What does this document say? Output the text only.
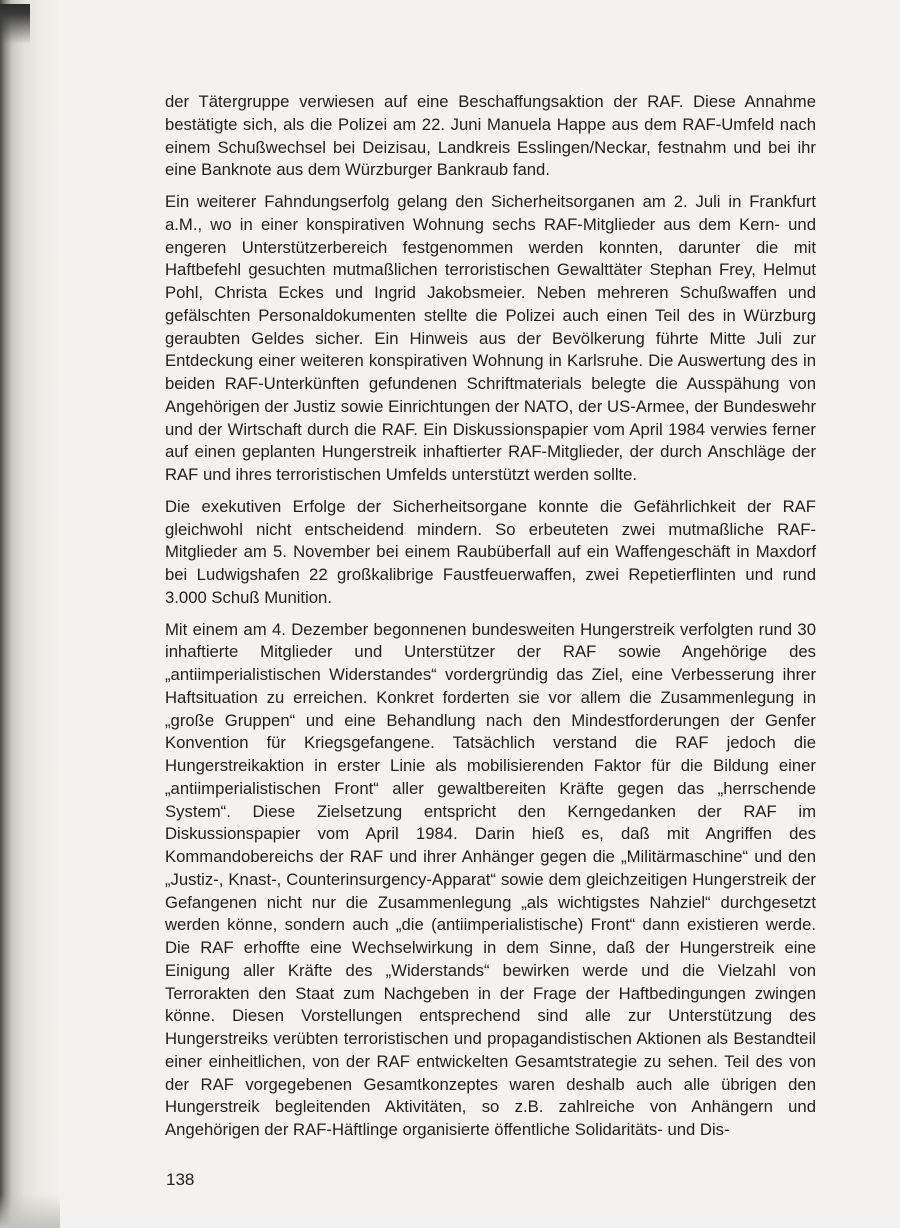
der Tätergruppe verwiesen auf eine Beschaffungsaktion der RAF. Diese Annahme bestätigte sich, als die Polizei am 22. Juni Manuela Happe aus dem RAF-Umfeld nach einem Schußwechsel bei Deizisau, Landkreis Esslingen/Neckar, festnahm und bei ihr eine Banknote aus dem Würzburger Bankraub fand.

Ein weiterer Fahndungserfolg gelang den Sicherheitsorganen am 2. Juli in Frankfurt a.M., wo in einer konspirativen Wohnung sechs RAF-Mitglieder aus dem Kern- und engeren Unterstützerbereich festgenommen werden konnten, darunter die mit Haftbefehl gesuchten mutmaßlichen terroristischen Gewalttäter Stephan Frey, Helmut Pohl, Christa Eckes und Ingrid Jakobsmeier. Neben mehreren Schußwaffen und gefälschten Personaldokumenten stellte die Polizei auch einen Teil des in Würzburg geraubten Geldes sicher. Ein Hinweis aus der Bevölkerung führte Mitte Juli zur Entdeckung einer weiteren konspirativen Wohnung in Karlsruhe. Die Auswertung des in beiden RAF-Unterkünften gefundenen Schriftmaterials belegte die Ausspähung von Angehörigen der Justiz sowie Einrichtungen der NATO, der US-Armee, der Bundeswehr und der Wirtschaft durch die RAF. Ein Diskussionspapier vom April 1984 verwies ferner auf einen geplanten Hungerstreik inhaftierter RAF-Mitglieder, der durch Anschläge der RAF und ihres terroristischen Umfelds unterstützt werden sollte.

Die exekutiven Erfolge der Sicherheitsorgane konnte die Gefährlichkeit der RAF gleichwohl nicht entscheidend mindern. So erbeuteten zwei mutmaßliche RAF-Mitglieder am 5. November bei einem Raubüberfall auf ein Waffengeschäft in Maxdorf bei Ludwigshafen 22 großkalibrige Faustfeuerwaffen, zwei Repetierflinten und rund 3.000 Schuß Munition.

Mit einem am 4. Dezember begonnenen bundesweiten Hungerstreik verfolgten rund 30 inhaftierte Mitglieder und Unterstützer der RAF sowie Angehörige des „antiimperialistischen Widerstandes“ vordergründig das Ziel, eine Verbesserung ihrer Haftsituation zu erreichen. Konkret forderten sie vor allem die Zusammenlegung in „große Gruppen“ und eine Behandlung nach den Mindestforderungen der Genfer Konvention für Kriegsgefangene. Tatsächlich verstand die RAF jedoch die Hungerstreikaktion in erster Linie als mobilisierenden Faktor für die Bildung einer „antiimperialistischen Front“ aller gewaltbereiten Kräfte gegen das „herrschende System“. Diese Zielsetzung entspricht den Kerngedanken der RAF im Diskussionspapier vom April 1984. Darin hieß es, daß mit Angriffen des Kommandobereichs der RAF und ihrer Anhänger gegen die „Militärmaschine“ und den „Justiz-, Knast-, Counterinsurgency-Apparat“ sowie dem gleichzeitigen Hungerstreik der Gefangenen nicht nur die Zusammenlegung „als wichtigstes Nahziel“ durchgesetzt werden könne, sondern auch „die (antiimperialistische) Front“ dann existieren werde. Die RAF erhoffte eine Wechselwirkung in dem Sinne, daß der Hungerstreik eine Einigung aller Kräfte des „Widerstands“ bewirken werde und die Vielzahl von Terrorakten den Staat zum Nachgeben in der Frage der Haftbedingungen zwingen könne. Diesen Vorstellungen entsprechend sind alle zur Unterstützung des Hungerstreiks verübten terroristischen und propagandistischen Aktionen als Bestandteil einer einheitlichen, von der RAF entwickelten Gesamtstrategie zu sehen. Teil des von der RAF vorgegebenen Gesamtkonzeptes waren deshalb auch alle übrigen den Hungerstreik begleitenden Aktivitäten, so z.B. zahlreiche von Anhängern und Angehörigen der RAF-Häftlinge organisierte öffentliche Solidaritäts- und Dis-

138
